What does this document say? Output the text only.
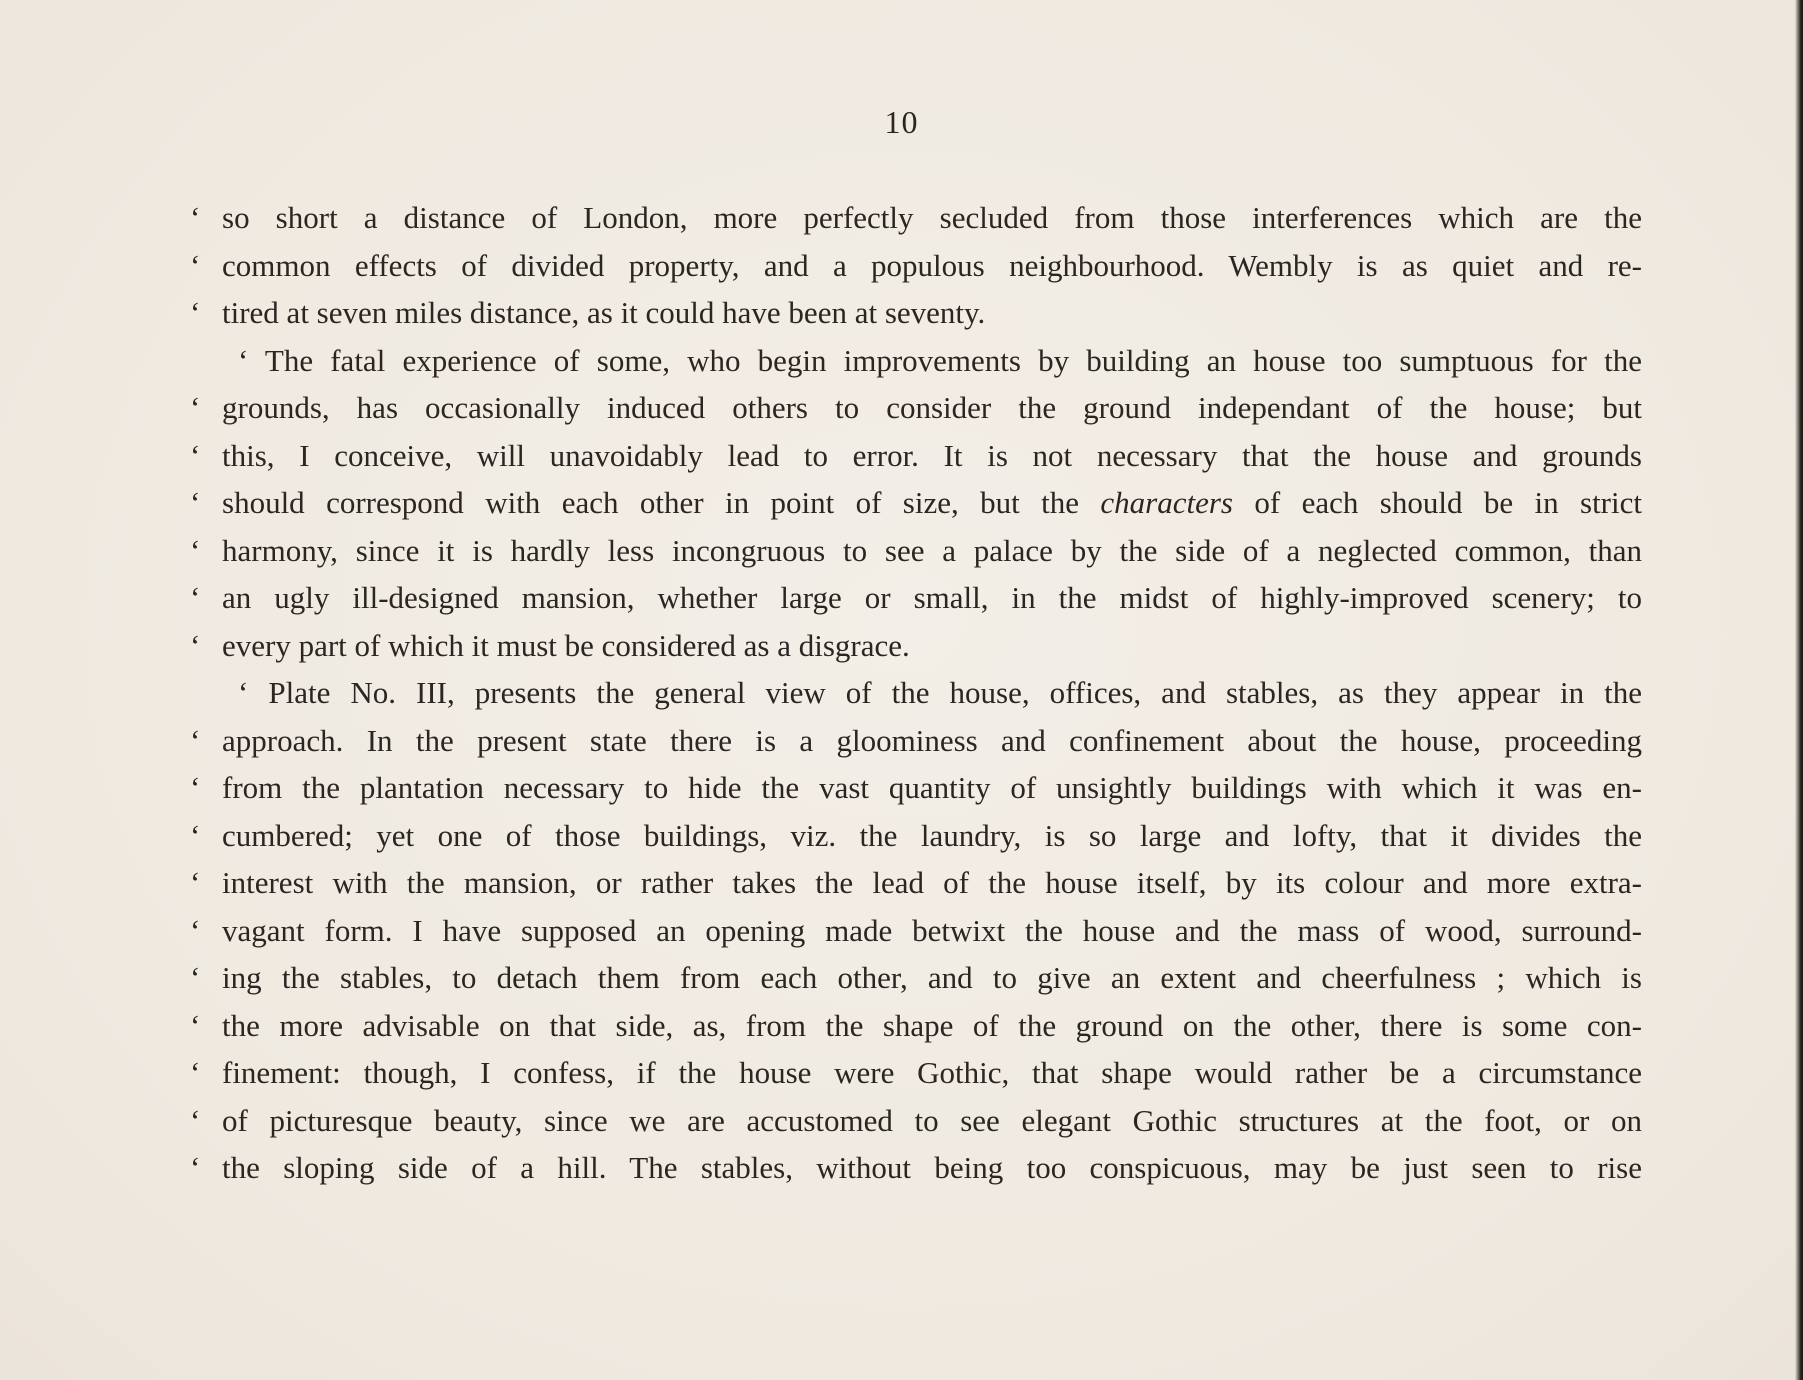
10
‘ so short a distance of London, more perfectly secluded from those interferences which are the
‘ common effects of divided property, and a populous neighbourhood. Wembly is as quiet and re-
‘ tired at seven miles distance, as it could have been at seventy.
‘ The fatal experience of some, who begin improvements by building an house too sumptuous for the
‘ grounds, has occasionally induced others to consider the ground independant of the house; but
‘ this, I conceive, will unavoidably lead to error. It is not necessary that the house and grounds
‘ should correspond with each other in point of size, but the characters of each should be in strict
‘ harmony, since it is hardly less incongruous to see a palace by the side of a neglected common, than
‘ an ugly ill-designed mansion, whether large or small, in the midst of highly-improved scenery; to
‘ every part of which it must be considered as a disgrace.
‘ Plate No. III, presents the general view of the house, offices, and stables, as they appear in the
‘ approach. In the present state there is a gloominess and confinement about the house, proceeding
‘ from the plantation necessary to hide the vast quantity of unsightly buildings with which it was en-
‘ cumbered; yet one of those buildings, viz. the laundry, is so large and lofty, that it divides the
‘ interest with the mansion, or rather takes the lead of the house itself, by its colour and more extra-
‘ vagant form. I have supposed an opening made betwixt the house and the mass of wood, surround-
‘ ing the stables, to detach them from each other, and to give an extent and cheerfulness ; which is
‘ the more advisable on that side, as, from the shape of the ground on the other, there is some con-
‘ finement: though, I confess, if the house were Gothic, that shape would rather be a circumstance
‘ of picturesque beauty, since we are accustomed to see elegant Gothic structures at the foot, or on
‘ the sloping side of a hill. The stables, without being too conspicuous, may be just seen to rise
